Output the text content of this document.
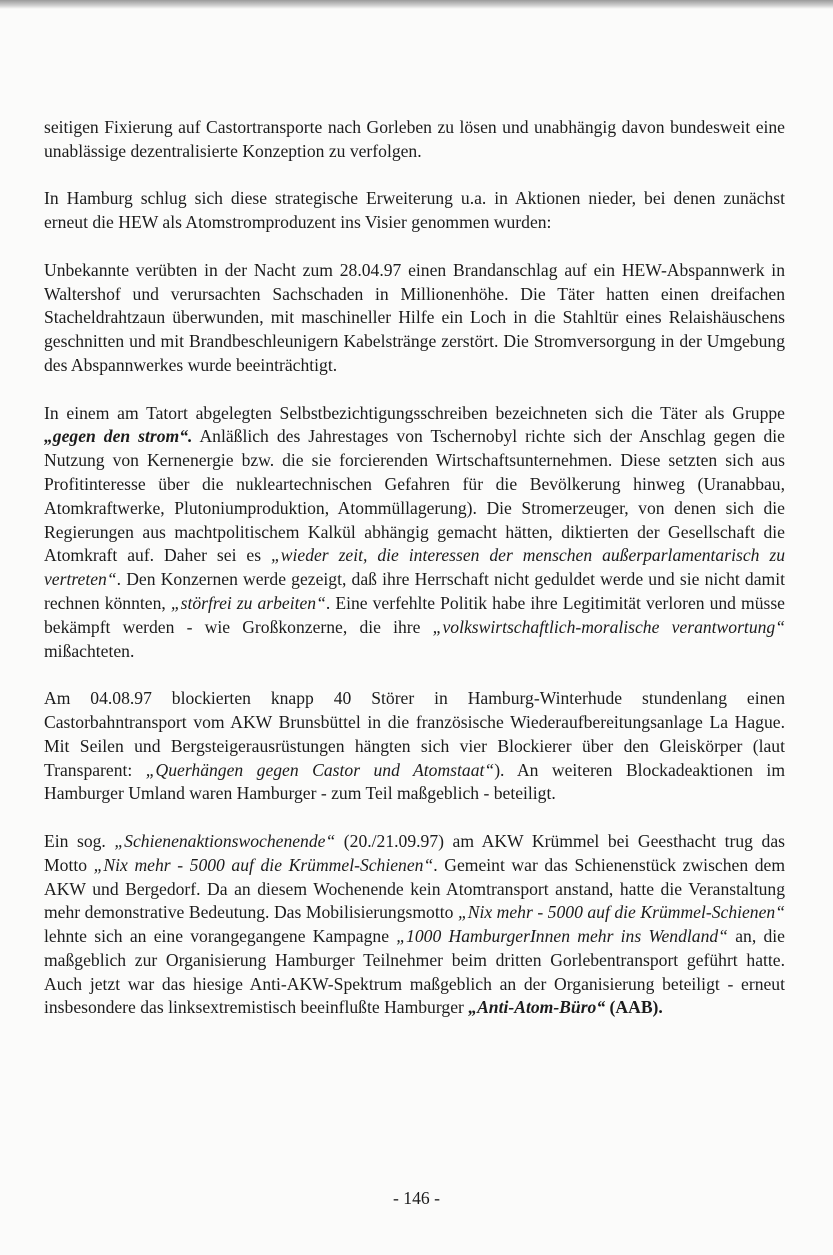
seitigen Fixierung auf Castortransporte nach Gorleben zu lösen und unabhängig davon bundesweit eine unablässige dezentralisierte Konzeption zu verfolgen.

In Hamburg schlug sich diese strategische Erweiterung u.a. in Aktionen nieder, bei denen zunächst erneut die HEW als Atomstromproduzent ins Visier genommen wurden:

Unbekannte verübten in der Nacht zum 28.04.97 einen Brandanschlag auf ein HEW-Abspannwerk in Waltershof und verursachten Sachschaden in Millionenhöhe. Die Täter hatten einen dreifachen Stacheldrahtzaun überwunden, mit maschineller Hilfe ein Loch in die Stahltür eines Relaishäuschens geschnitten und mit Brandbeschleunigern Kabelstränge zerstört. Die Stromversorgung in der Umgebung des Abspannwerkes wurde beeinträchtigt.

In einem am Tatort abgelegten Selbstbezichtigungsschreiben bezeichneten sich die Täter als Gruppe „gegen den strom“. Anläßlich des Jahrestages von Tschernobyl richte sich der Anschlag gegen die Nutzung von Kernenergie bzw. die sie forcierenden Wirtschaftsunternehmen. Diese setzten sich aus Profitinteresse über die nukleartechnischen Gefahren für die Bevölkerung hinweg (Uranabbau, Atomkraftwerke, Plutoniumproduktion, Atommüllagerung). Die Stromerzeuger, von denen sich die Regierungen aus machtpolitischem Kalkül abhängig gemacht hätten, diktierten der Gesellschaft die Atomkraft auf. Daher sei es „wieder zeit, die interessen der menschen außerparlamentarisch zu vertreten“. Den Konzernen werde gezeigt, daß ihre Herrschaft nicht geduldet werde und sie nicht damit rechnen könnten, „störfrei zu arbeiten“. Eine verfehlte Politik habe ihre Legitimität verloren und müsse bekämpft werden - wie Großkonzerne, die ihre „volkswirtschaftlich-moralische verantwortung“ mißachteten.

Am 04.08.97 blockierten knapp 40 Störer in Hamburg-Winterhude stundenlang einen Castorbahntransport vom AKW Brunsbüttel in die französische Wiederaufbereitungsanlage La Hague. Mit Seilen und Bergsteigerausrüstungen hängten sich vier Blockierer über den Gleiskörper (laut Transparent: „Querhängen gegen Castor und Atomstaat“). An weiteren Blockadeaktionen im Hamburger Umland waren Hamburger - zum Teil maßgeblich - beteiligt.

Ein sog. „Schienenaktionswochenende“ (20./21.09.97) am AKW Krümmel bei Geesthacht trug das Motto „Nix mehr - 5000 auf die Krümmel-Schienen“. Gemeint war das Schienenstück zwischen dem AKW und Bergedorf. Da an diesem Wochenende kein Atomtransport anstand, hatte die Veranstaltung mehr demonstrative Bedeutung. Das Mobilisierungsmotto „Nix mehr - 5000 auf die Krümmel-Schienen“ lehnte sich an eine vorangegangene Kampagne „1000 HamburgerInnen mehr ins Wendland“ an, die maßgeblich zur Organisierung Hamburger Teilnehmer beim dritten Gorlebentransport geführt hatte. Auch jetzt war das hiesige Anti-AKW-Spektrum maßgeblich an der Organisierung beteiligt - erneut insbesondere das linksextremistisch beeinflußte Hamburger „Anti-Atom-Büro“ (AAB).

- 146 -
